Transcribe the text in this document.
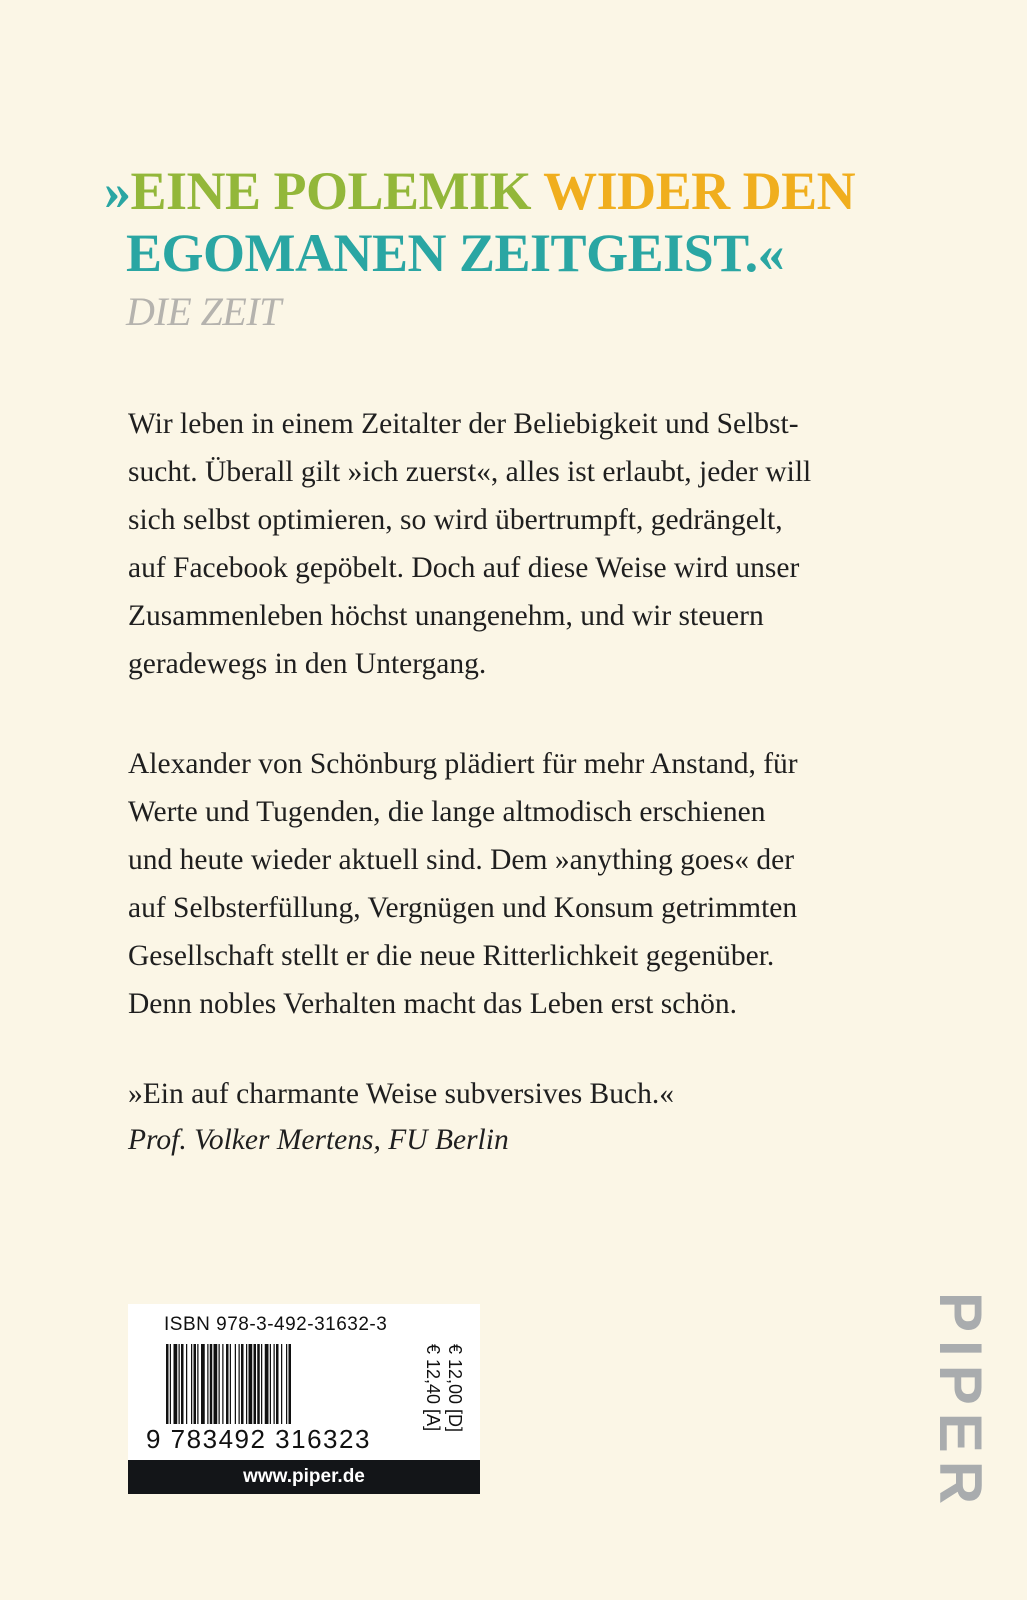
»EINE POLEMIK WIDER DEN
EGOMANEN ZEITGEIST.«
DIE ZEIT

Wir leben in einem Zeitalter der Beliebigkeit und Selbst-
sucht. Überall gilt »ich zuerst«, alles ist erlaubt, jeder will
sich selbst optimieren, so wird übertrumpft, gedrängelt,
auf Facebook gepöbelt. Doch auf diese Weise wird unser
Zusammenleben höchst unangenehm, und wir steuern
geradewegs in den Untergang.

Alexander von Schönburg plädiert für mehr Anstand, für
Werte und Tugenden, die lange altmodisch erschienen
und heute wieder aktuell sind. Dem »anything goes« der
auf Selbsterfüllung, Vergnügen und Konsum getrimmten
Gesellschaft stellt er die neue Ritterlichkeit gegenüber.
Denn nobles Verhalten macht das Leben erst schön.

»Ein auf charmante Weise subversives Buch.«
Prof. Volker Mertens, FU Berlin
ISBN 978-3-492-31632-3
9 783492 316323
€ 12,00 [D]
€ 12,40 [A]
www.piper.de	PIPER
